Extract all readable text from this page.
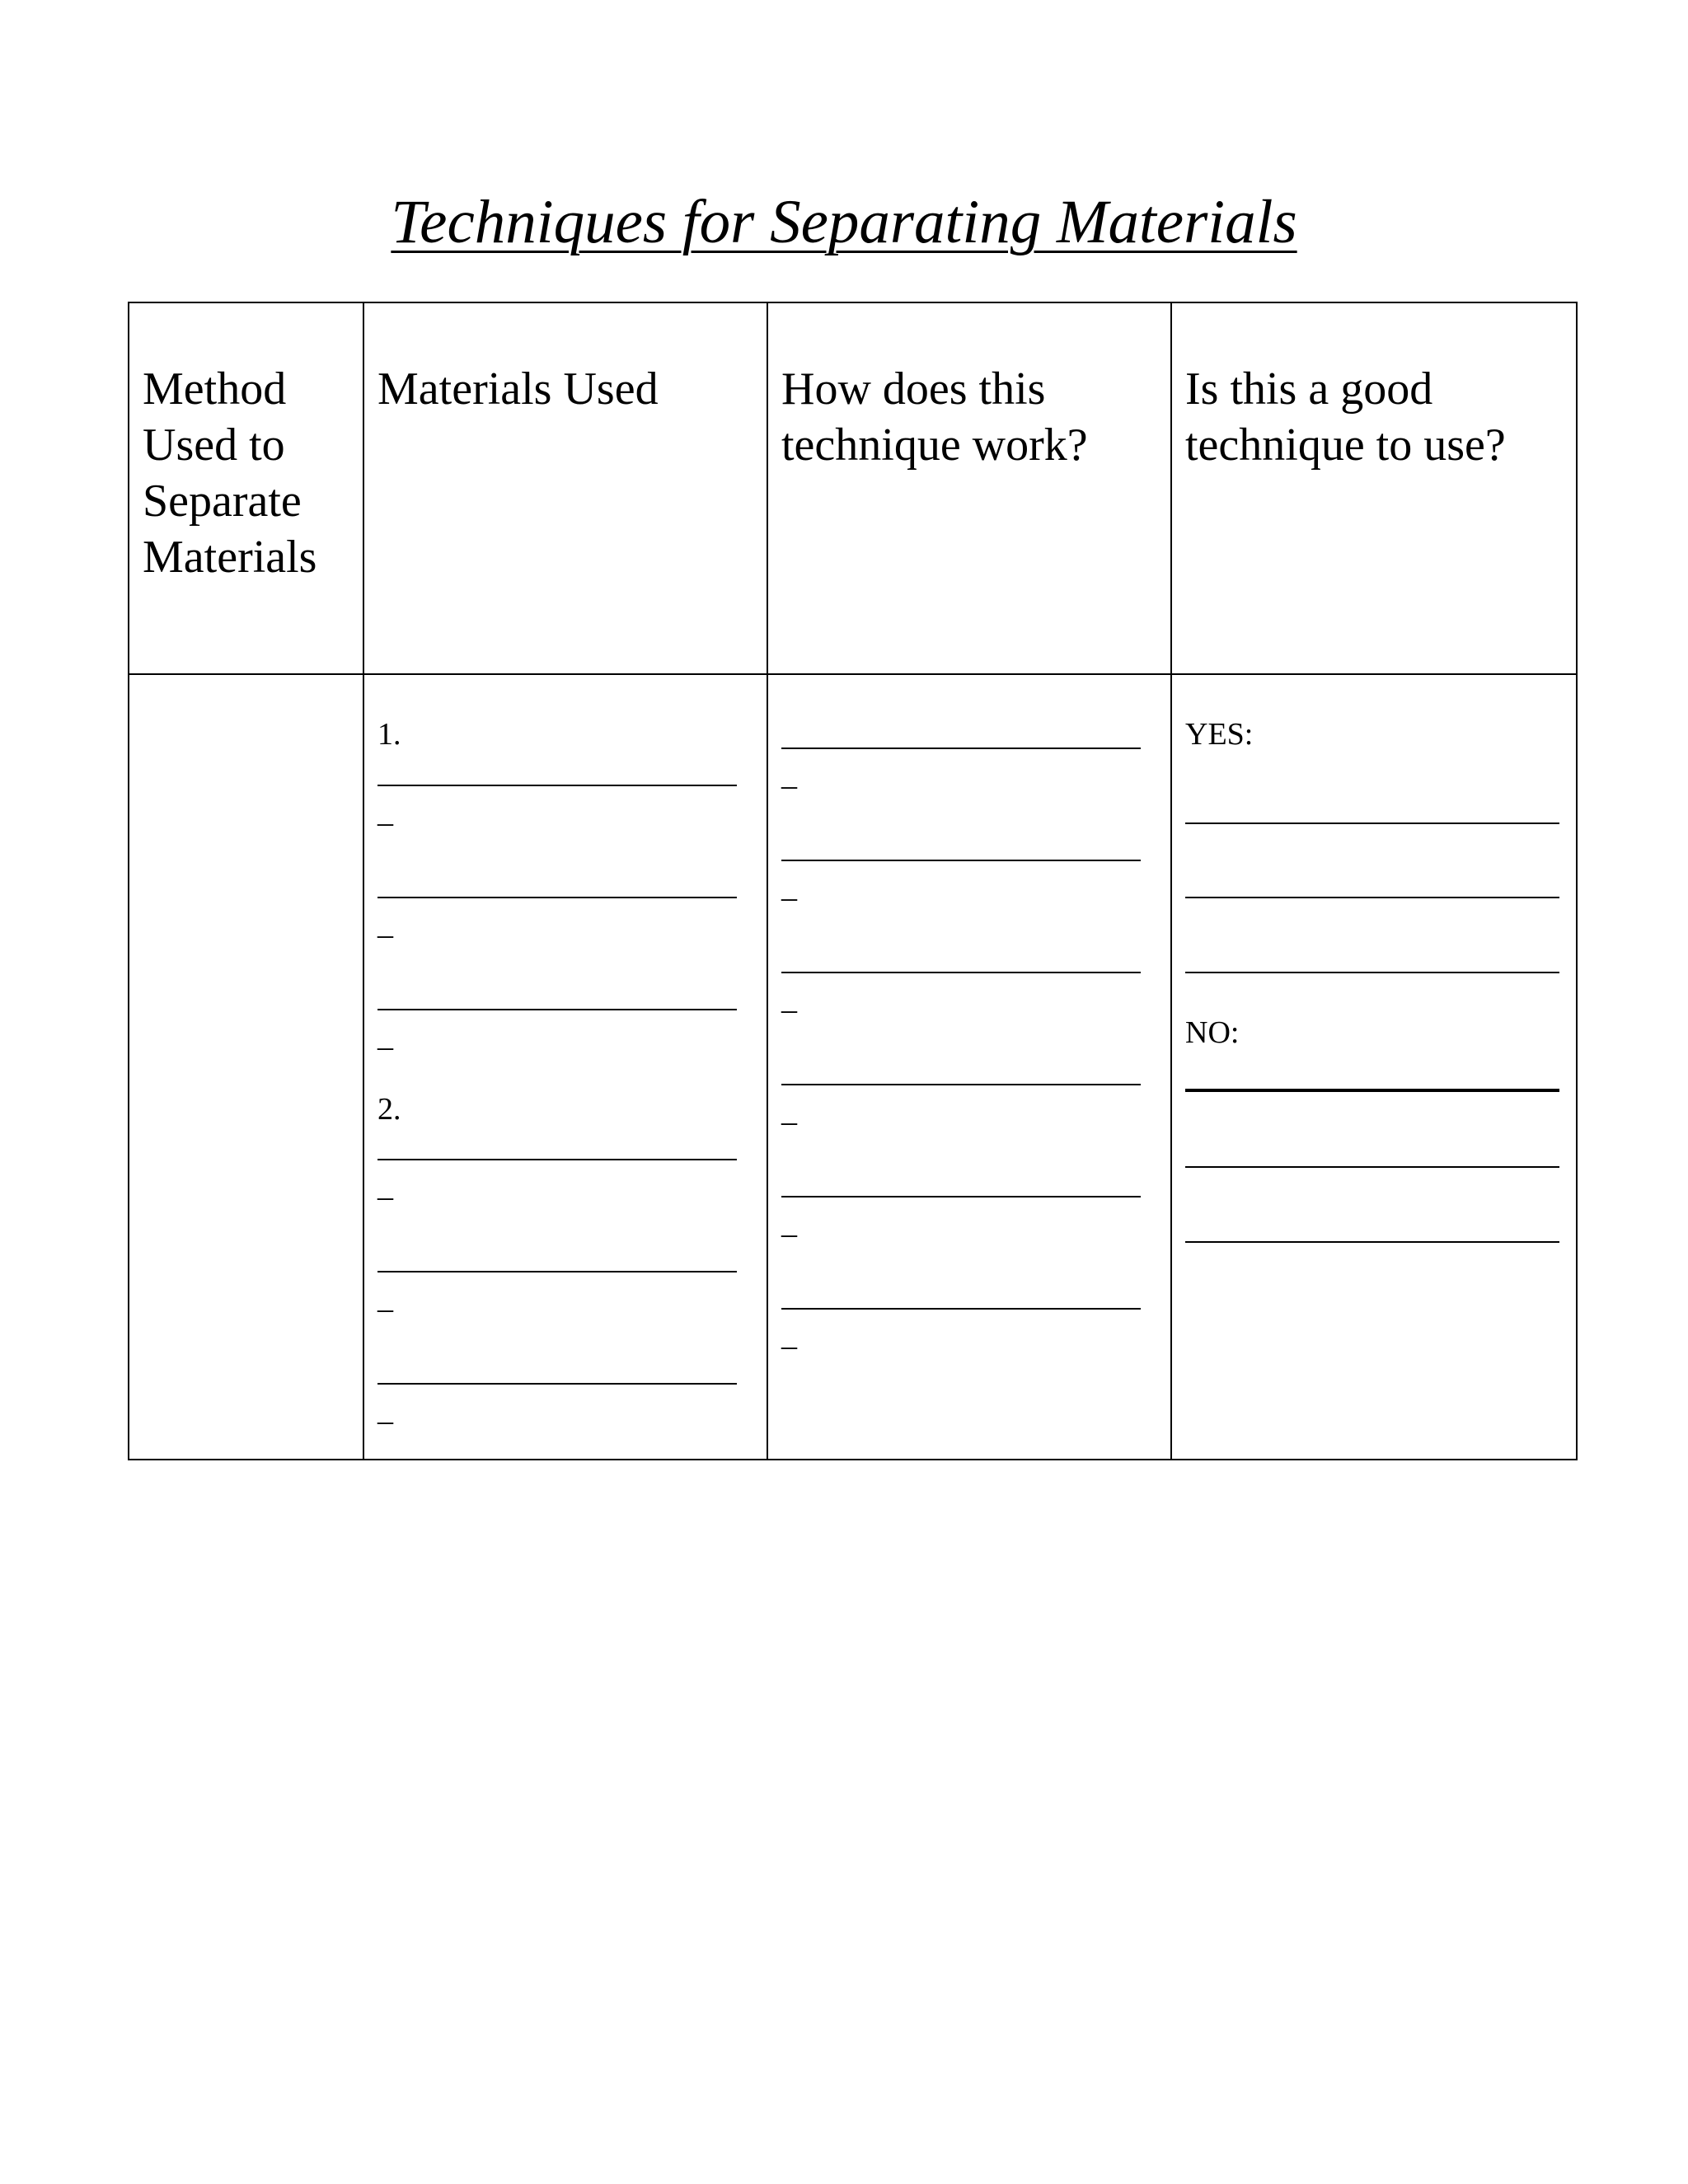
Techniques for Separating Materials
Method Used to Separate Materials
Materials Used	How does this technique work?
Is this a good technique to use?
1.
_
_
_
2.
_
_
_
_
_
_
_
_
_
YES:
NO:
